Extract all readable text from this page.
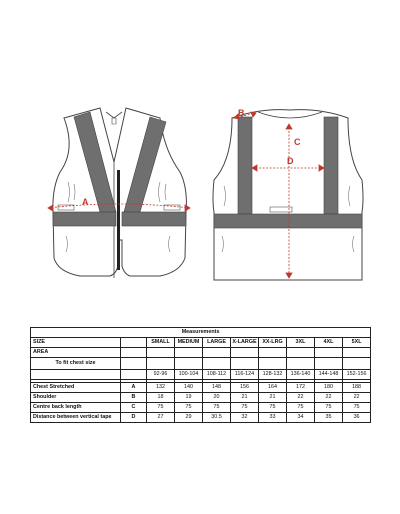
A
B
C
D
Measurements									
SIZE		SMALL	MEDIUM	LARGE	X-LARGE	XX-LRG	3XL	4XL	5XL
AREA									
To fit chest size									
		92-96	100-104	108-112	116-124	128-132	136-140	144-148	152-156

Chest Stretched	A	132	140	148	156	164	172	180	188
Shoulder	B	18	19	20	21	21	22	22	22
Centre back length	C	75	75	75	75	75	75	75	75
Distance between vertical tape	D	27	29	30.5	32	33	34	35	36
